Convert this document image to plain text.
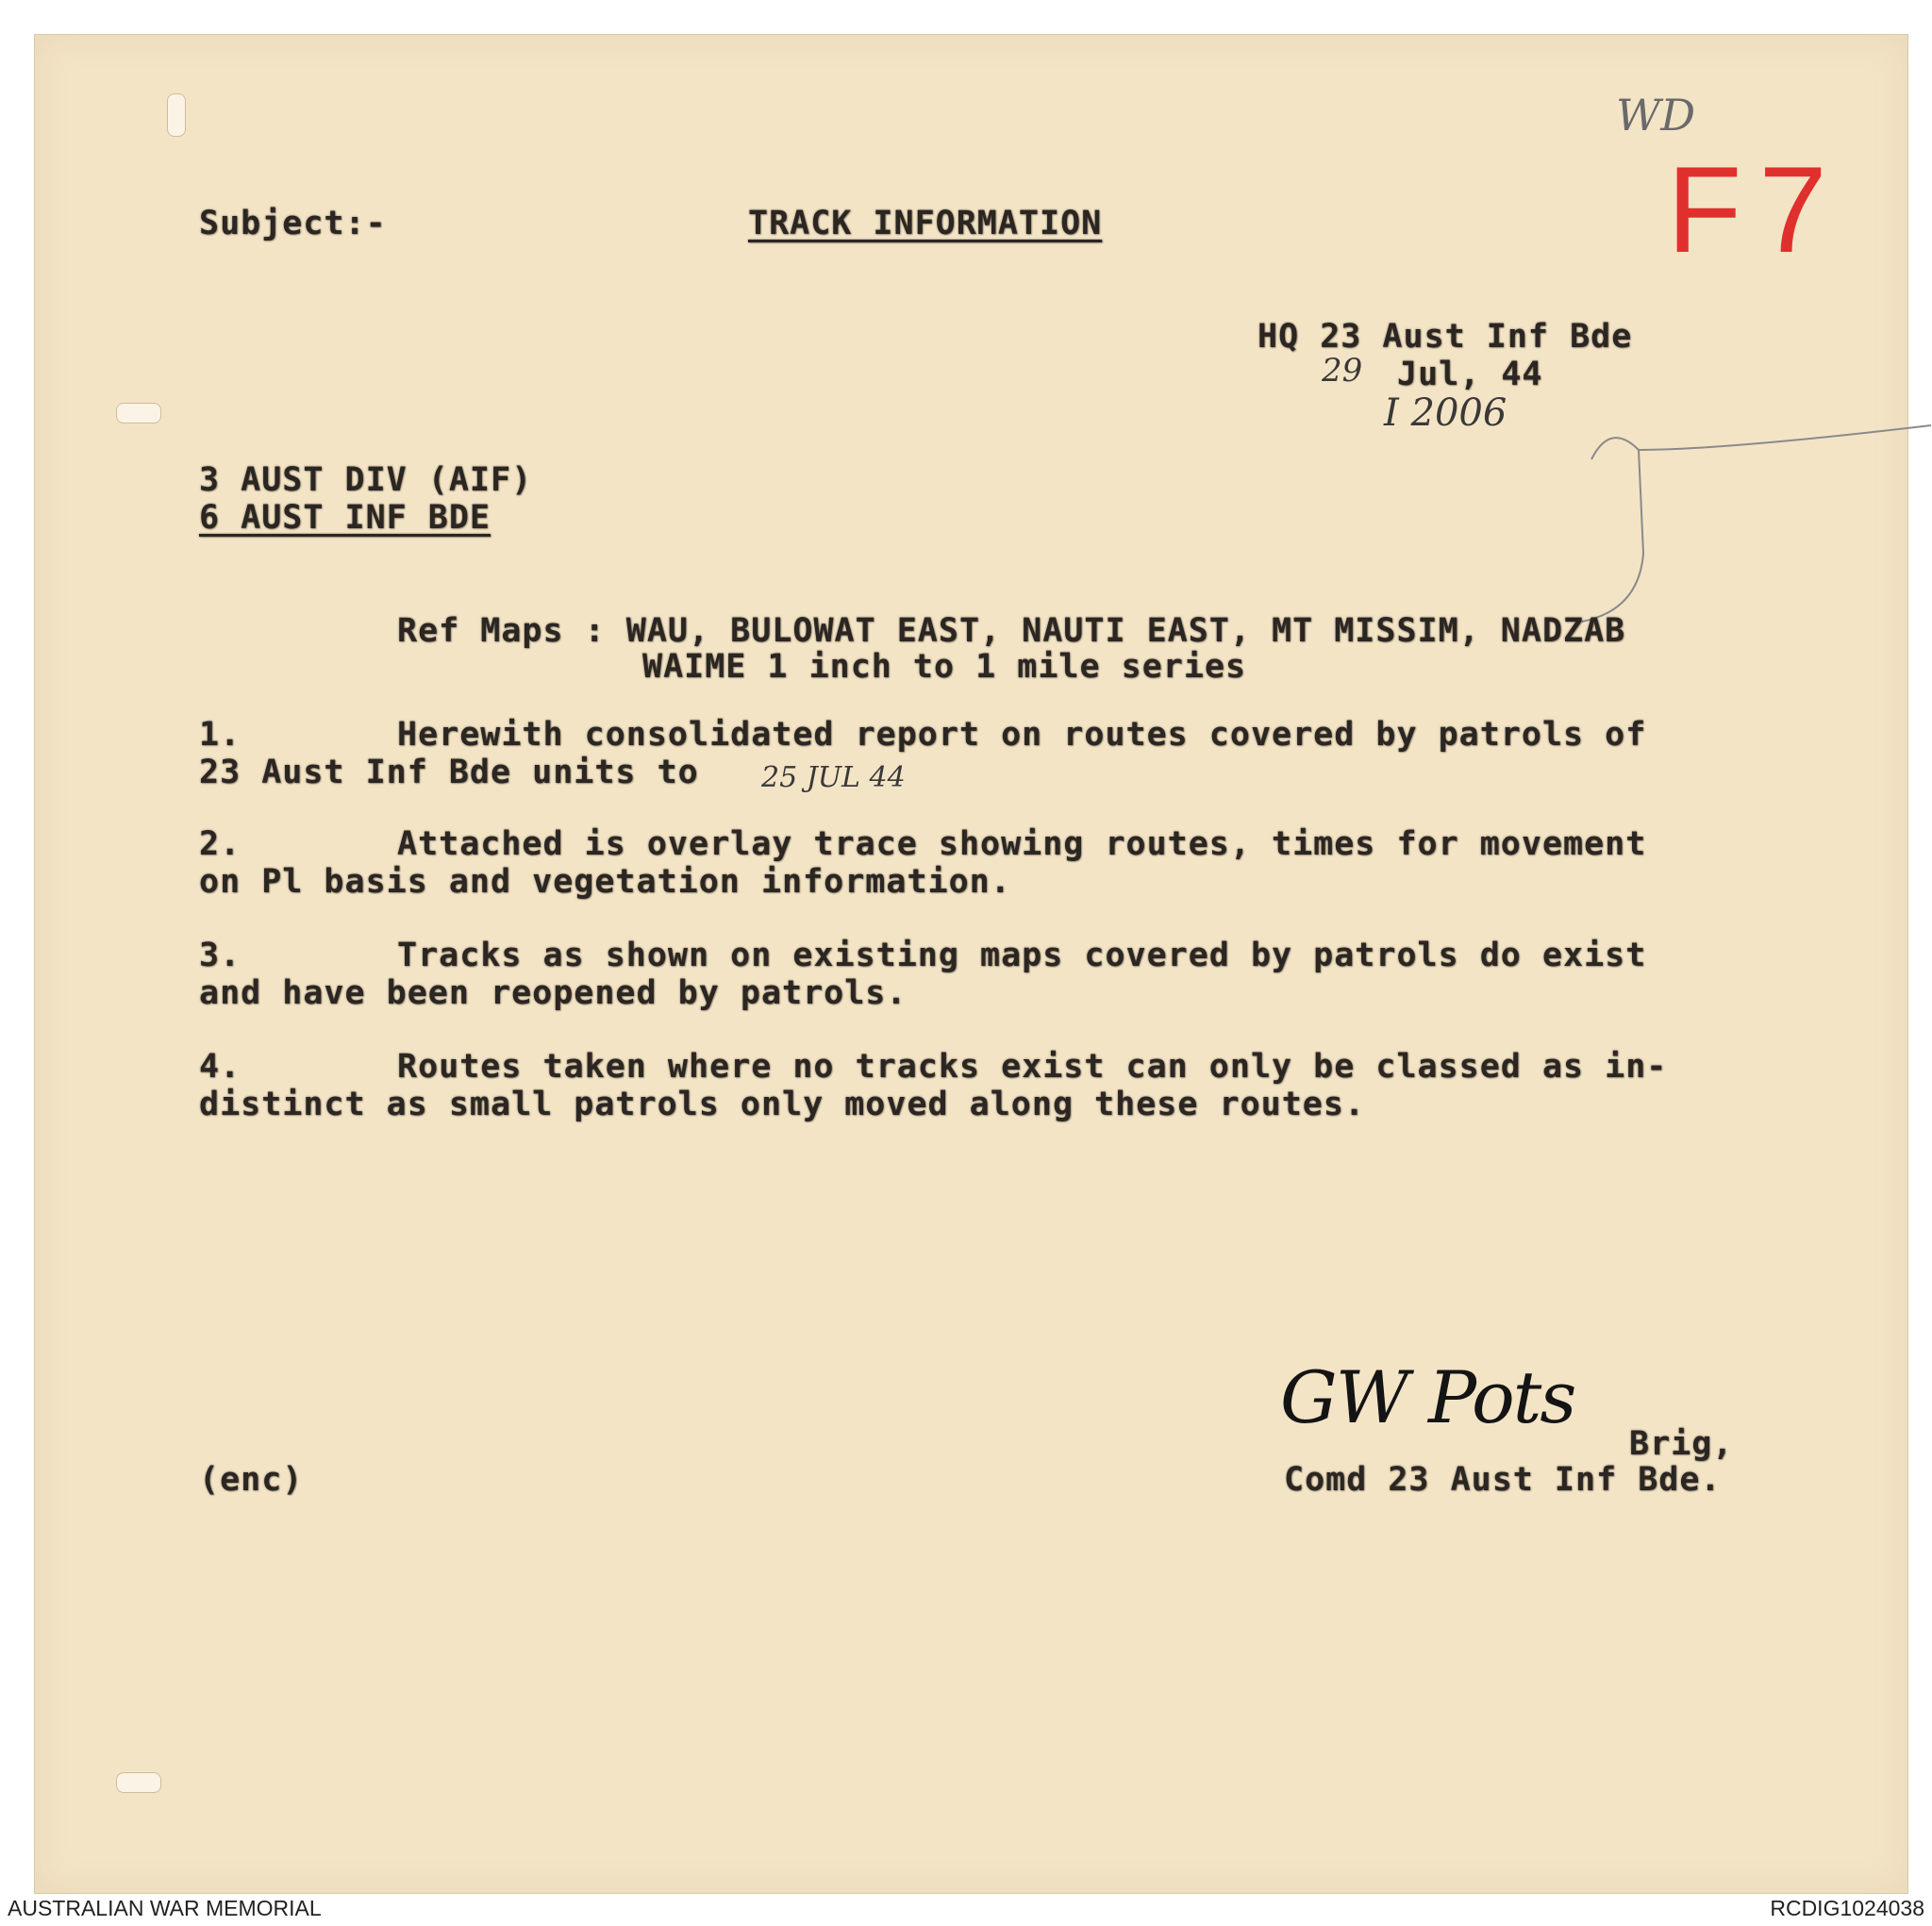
WD
F7
Subject:-	TRACK INFORMATION
HQ 23 Aust Inf Bde
29 Jul, 44
I 2006
3 AUST DIV (AIF)
6 AUST INF BDE
Ref Maps : WAU, BULOWAT EAST, NAUTI EAST, MT MISSIM, NADZAB
WAIME 1 inch to 1 mile series

1.

	Herewith consolidated report on routes covered by patrols of

23 Aust Inf Bde units to

25 JUL 44

2.

	Attached is overlay trace showing routes, times for movement

on Pl basis and vegetation information.

3.

	Tracks as shown on existing maps covered by patrols do exist

and have been reopened by patrols.

4.

	Routes taken where no tracks exist can only be classed as in-

distinct as small patrols only moved along these routes.

GW Pots
Brig,
Comd 23 Aust Inf Bde.
(enc)
AUSTRALIAN WAR MEMORIAL	RCDIG1024038
